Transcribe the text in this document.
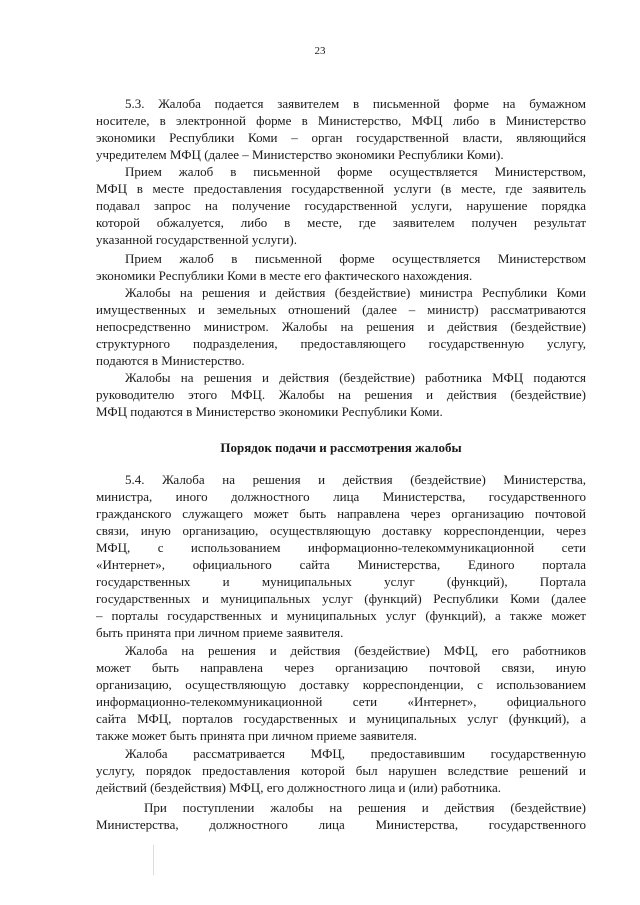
23
5.3. Жалоба подается заявителем в письменной форме на бумажном
носителе, в электронной форме в Министерство, МФЦ либо в Министерство
экономики Республики Коми – орган государственной власти, являющийся
учредителем МФЦ (далее – Министерство экономики Республики Коми).
Прием жалоб в письменной форме осуществляется Министерством,
МФЦ в месте предоставления государственной услуги (в месте, где заявитель
подавал запрос на получение государственной услуги, нарушение порядка
которой обжалуется, либо в месте, где заявителем получен результат
указанной государственной услуги).
Прием жалоб в письменной форме осуществляется Министерством
экономики Республики Коми в месте его фактического нахождения.
Жалобы на решения и действия (бездействие) министра Республики Коми
имущественных и земельных отношений (далее – министр) рассматриваются
непосредственно министром. Жалобы на решения и действия (бездействие)
структурного подразделения, предоставляющего государственную услугу,
подаются в Министерство.
Жалобы на решения и действия (бездействие) работника МФЦ подаются
руководителю этого МФЦ. Жалобы на решения и действия (бездействие)
МФЦ подаются в Министерство экономики Республики Коми.
Порядок подачи и рассмотрения жалобы
5.4. Жалоба на решения и действия (бездействие) Министерства,
министра, иного должностного лица Министерства, государственного
гражданского служащего может быть направлена через организацию почтовой
связи, иную организацию, осуществляющую доставку корреспонденции, через
МФЦ, с использованием информационно-телекоммуникационной сети
«Интернет», официального сайта Министерства, Единого портала
государственных и муниципальных услуг (функций), Портала
государственных и муниципальных услуг (функций) Республики Коми (далее
– порталы государственных и муниципальных услуг (функций), а также может
быть принята при личном приеме заявителя.
Жалоба на решения и действия (бездействие) МФЦ, его работников
может быть направлена через организацию почтовой связи, иную
организацию, осуществляющую доставку корреспонденции, с использованием
информационно-телекоммуникационной сети «Интернет», официального
сайта МФЦ, порталов государственных и муниципальных услуг (функций), а
также может быть принята при личном приеме заявителя.
Жалоба рассматривается МФЦ, предоставившим государственную
услугу, порядок предоставления которой был нарушен вследствие решений и
действий (бездействия) МФЦ, его должностного лица и (или) работника.
При поступлении жалобы на решения и действия (бездействие)
Министерства, должностного лица Министерства, государственного
